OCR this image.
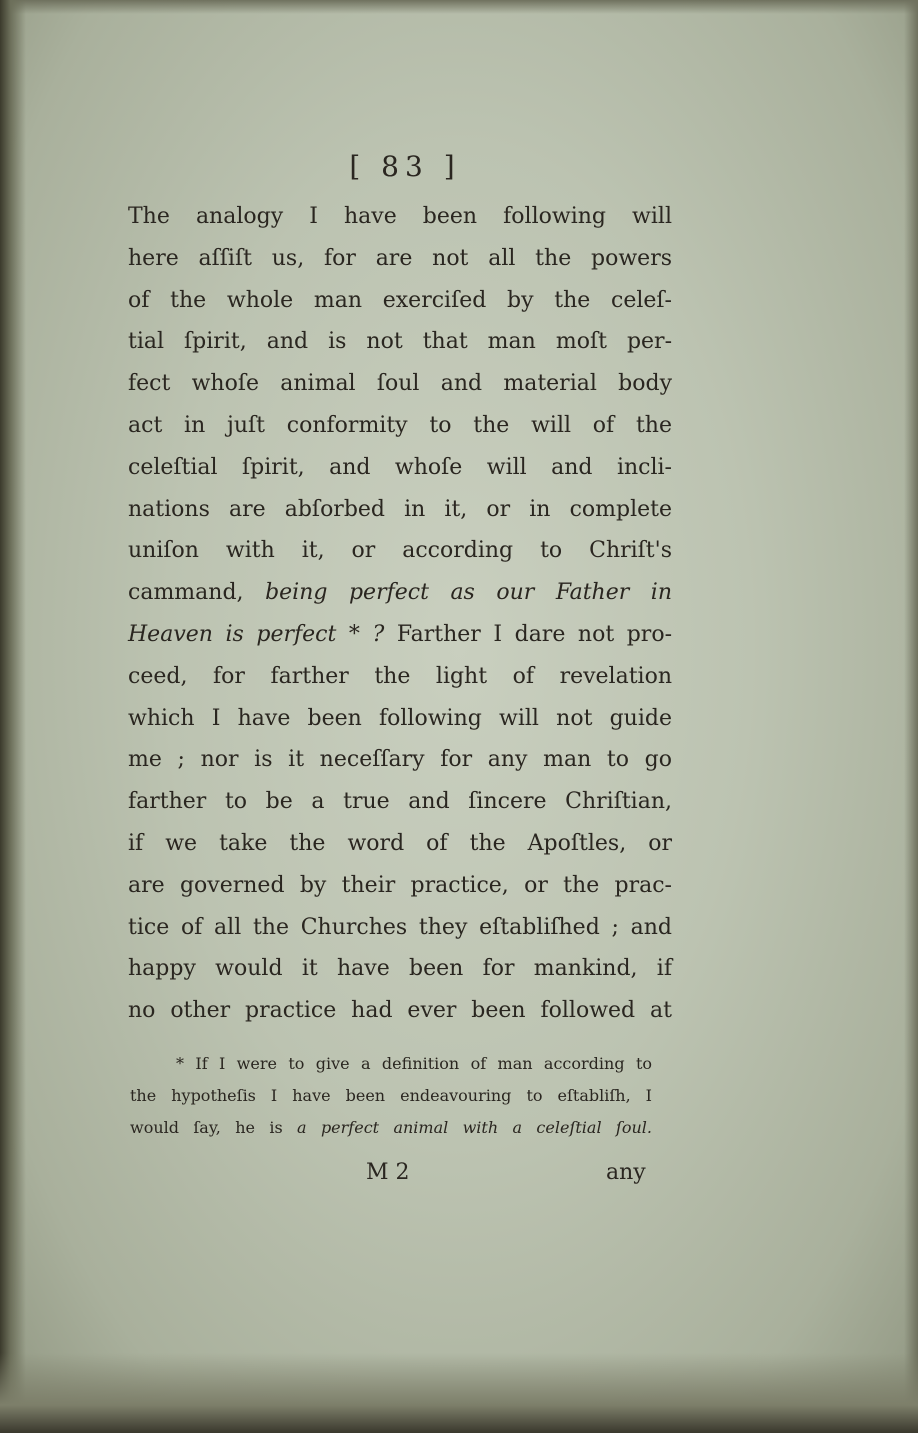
[ 83 ]
The analogy I have been following will
here aſſiſt us, for are not all the powers
of the whole man exerciſed by the celeſ-
tial ſpirit, and is not that man moſt per-
fect whoſe animal ſoul and material body
act in juſt conformity to the will of the
celeſtial ſpirit, and whoſe will and incli-
nations are abſorbed in it, or in complete
uniſon with it, or according to Chriſt's
cammand, being perfect as our Father in
Heaven is perfect * ? Farther I dare not pro-
ceed, for farther the light of revelation
which I have been following will not guide
me ; nor is it neceſſary for any man to go
farther to be a true and ſincere Chriſtian,
if we take the word of the Apoſtles, or
are governed by their practice, or the prac-
tice of all the Churches they eſtabliſhed ; and
happy would it have been for mankind, if
no other practice had ever been followed at
* If I were to give a definition of man according to
the hypotheſis I have been endeavouring to eſtabliſh, I
would ſay, he is a perfect animal with a celeſtial ſoul.
M 2	any
